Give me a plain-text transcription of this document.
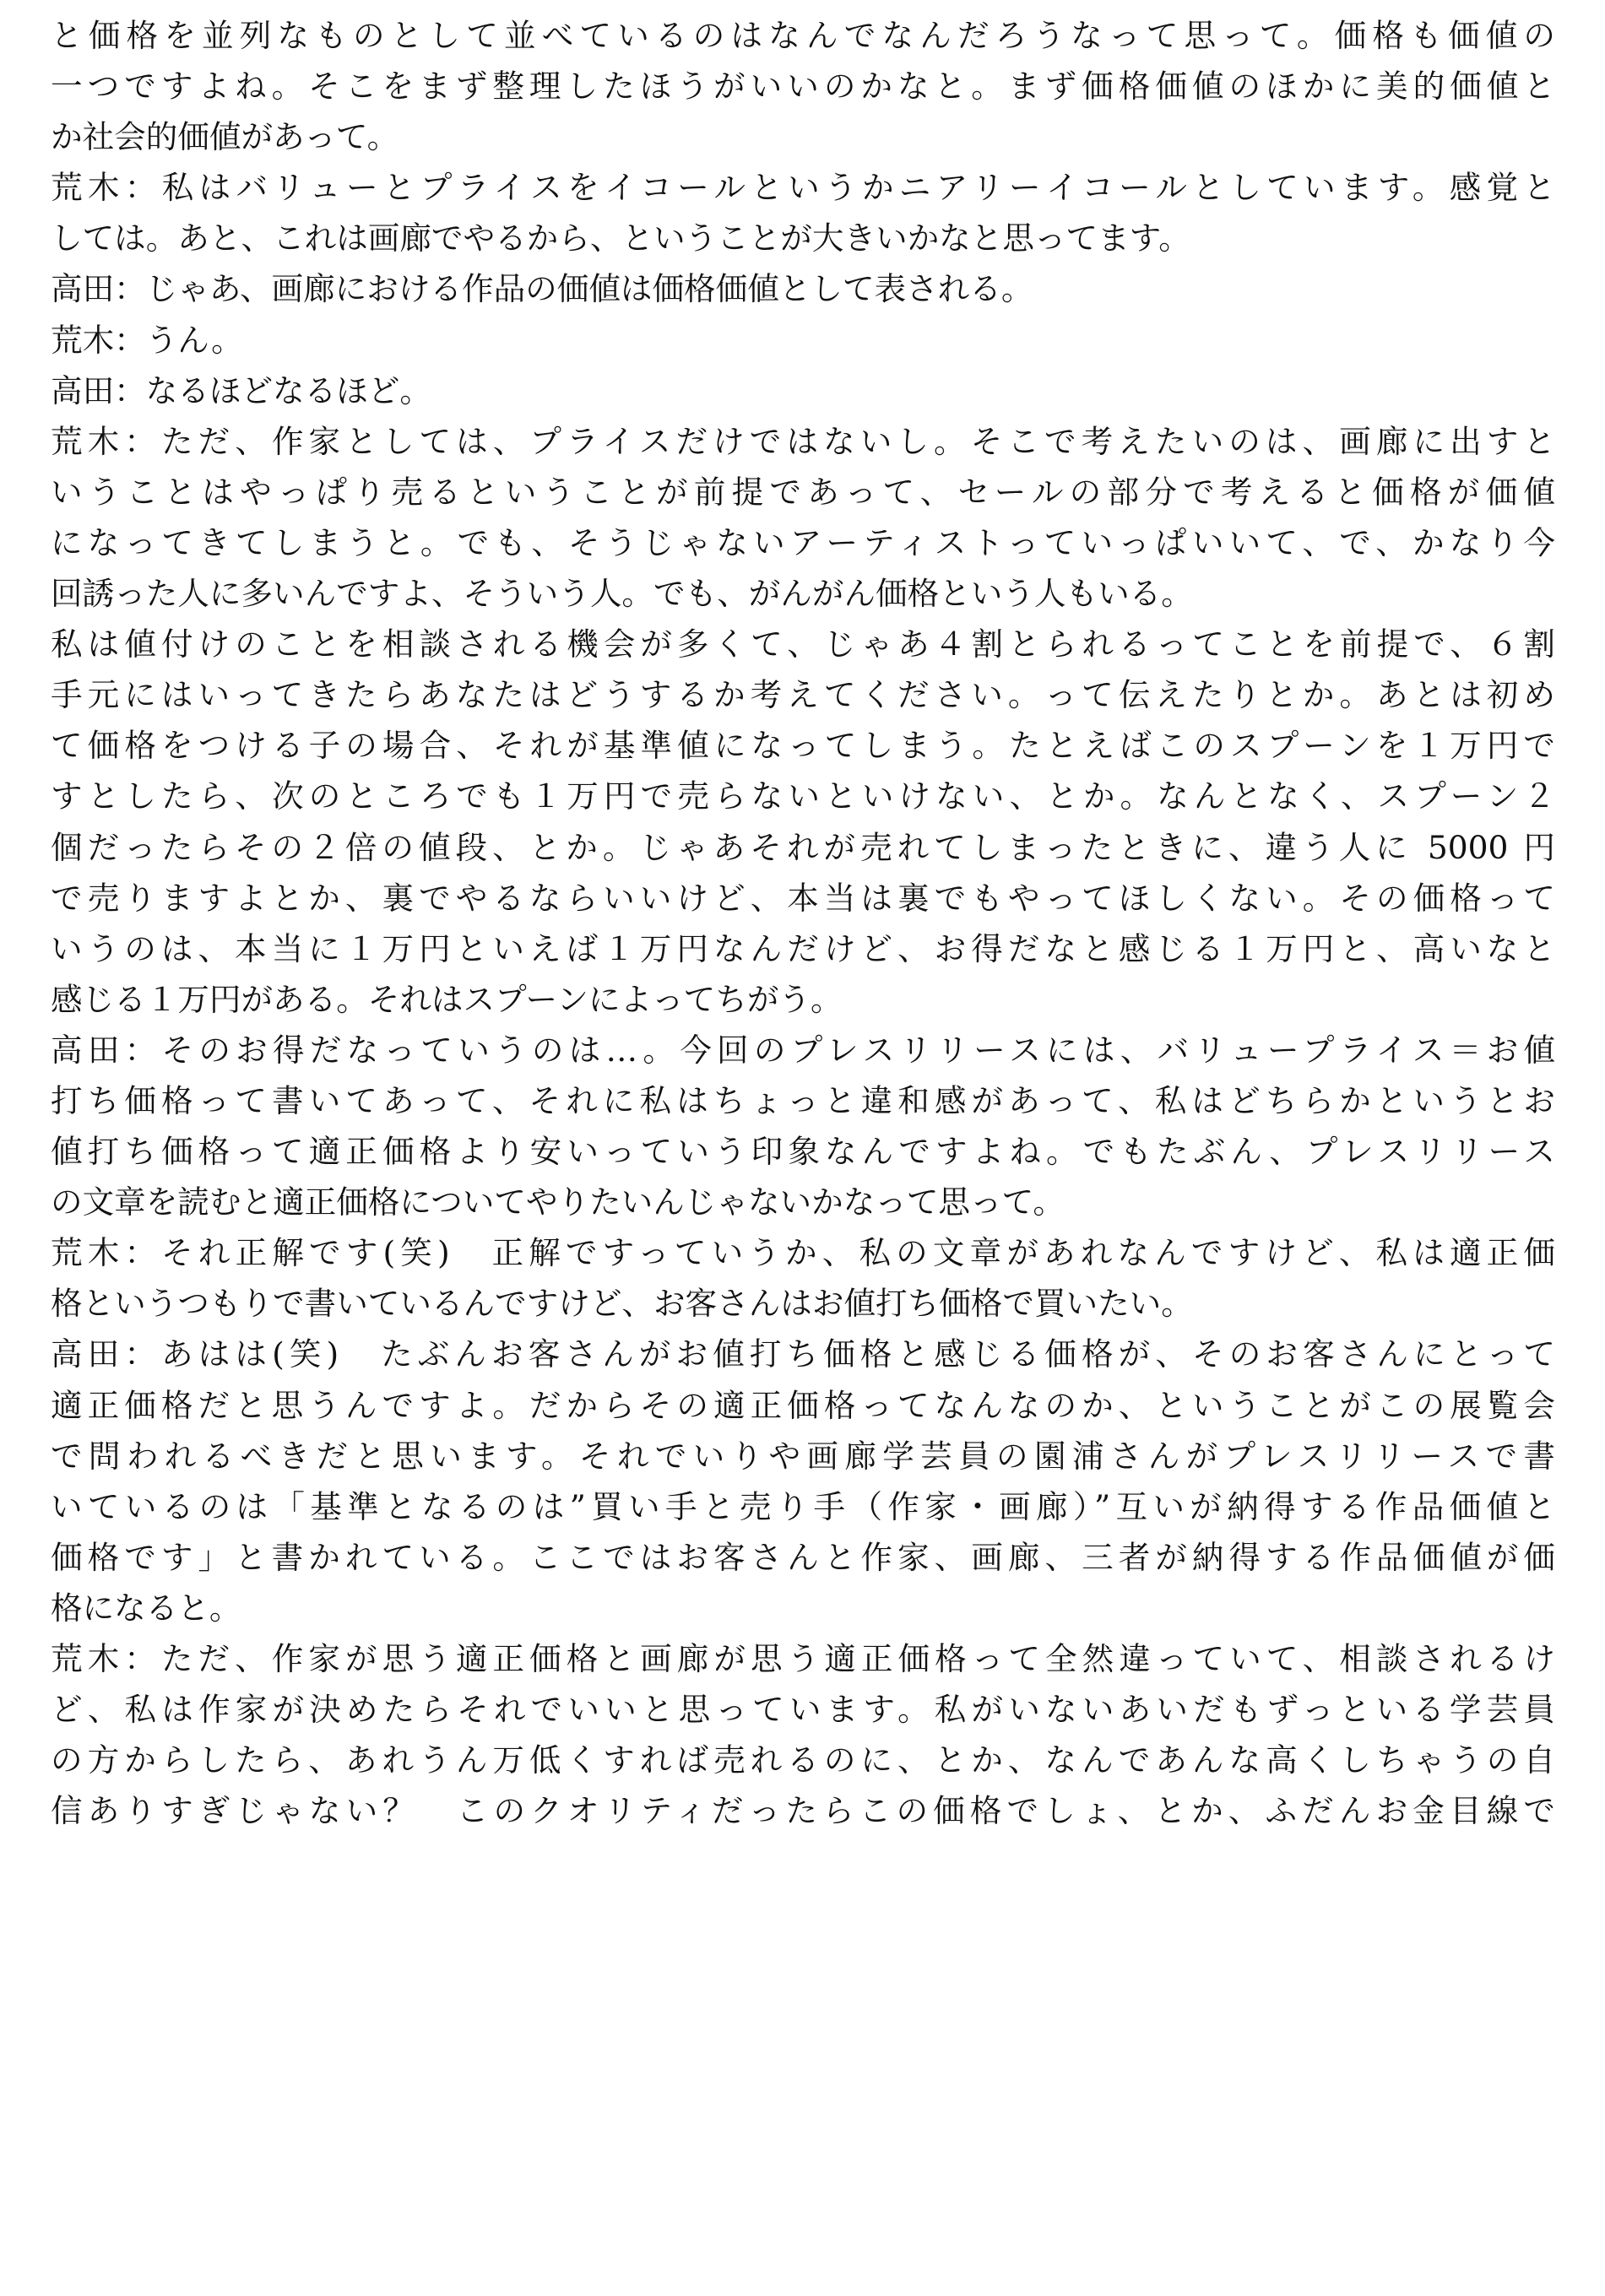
と価格を並列なものとして並べているのはなんでなんだろうなって思って。価格も価値の
一つですよね。そこをまず整理したほうがいいのかなと。まず価格価値のほかに美的価値と
か社会的価値があって。
荒木：私はバリューとプライスをイコールというかニアリーイコールとしています。感覚と
しては。あと、これは画廊でやるから、ということが大きいかなと思ってます。
高田：じゃあ、画廊における作品の価値は価格価値として表される。
荒木：うん。
高田：なるほどなるほど。
荒木：ただ、作家としては、プライスだけではないし。そこで考えたいのは、画廊に出すと
いうことはやっぱり売るということが前提であって、セールの部分で考えると価格が価値
になってきてしまうと。でも、そうじゃないアーティストっていっぱいいて、で、かなり今
回誘った人に多いんですよ、そういう人。でも、がんがん価格という人もいる。
私は値付けのことを相談される機会が多くて、じゃあ４割とられるってことを前提で、６割
手元にはいってきたらあなたはどうするか考えてください。って伝えたりとか。あとは初め
て価格をつける子の場合、それが基準値になってしまう。たとえばこのスプーンを１万円で
すとしたら、次のところでも１万円で売らないといけない、とか。なんとなく、スプーン２
個だったらその２倍の値段、とか。じゃあそれが売れてしまったときに、違う人に 5000 円
で売りますよとか、裏でやるならいいけど、本当は裏でもやってほしくない。その価格って
いうのは、本当に１万円といえば１万円なんだけど、お得だなと感じる１万円と、高いなと
感じる１万円がある。それはスプーンによってちがう。
高田：そのお得だなっていうのは…。今回のプレスリリースには、バリュープライス＝お値
打ち価格って書いてあって、それに私はちょっと違和感があって、私はどちらかというとお
値打ち価格って適正価格より安いっていう印象なんですよね。でもたぶん、プレスリリース
の文章を読むと適正価格についてやりたいんじゃないかなって思って。
荒木：それ正解です(笑)　正解ですっていうか、私の文章があれなんですけど、私は適正価
格というつもりで書いているんですけど、お客さんはお値打ち価格で買いたい。
高田：あはは(笑)　たぶんお客さんがお値打ち価格と感じる価格が、そのお客さんにとって
適正価格だと思うんですよ。だからその適正価格ってなんなのか、ということがこの展覧会
で問われるべきだと思います。それでいりや画廊学芸員の園浦さんがプレスリリースで書
いているのは「基準となるのは”買い手と売り手（作家・画廊）”互いが納得する作品価値と
価格です」と書かれている。ここではお客さんと作家、画廊、三者が納得する作品価値が価
格になると。
荒木：ただ、作家が思う適正価格と画廊が思う適正価格って全然違っていて、相談されるけ
ど、私は作家が決めたらそれでいいと思っています。私がいないあいだもずっといる学芸員
の方からしたら、あれうん万低くすれば売れるのに、とか、なんであんな高くしちゃうの自
信ありすぎじゃない？　このクオリティだったらこの価格でしょ、とか、ふだんお金目線で
